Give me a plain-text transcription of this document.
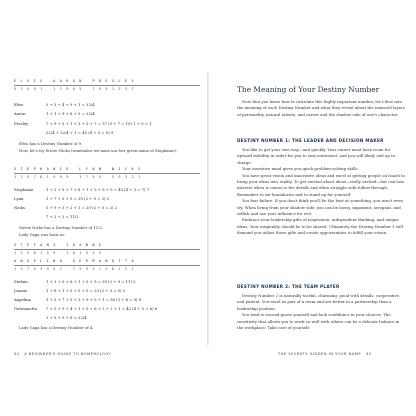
E L V I S   A A R O N   P R E S L E Y
5 3 4 9 1   1 1 9 6 5   7 9 5 1 3 5 7
Elvis	5 + 3 + 4 + 9 + 1 = 22/4
Aaron	1 + 1 + 9 + 6 + 5 = 22/4
Presley	7 + 9 + 5 + 1 + 3 + 5 + 7 = 37 (3 + 7 = 10) 1 + 0 = 1
22/4 + 22/4 + 1 = 45 (4 + 5 = 9) 9

Elvis has a Destiny Number of 9.

Now, let's try Stevie Nicks (remember we must use her given name of Stephanie):

S T E P H A N I E   L Y N N   N I C K S
1 2 5 7 8 1 5 9 5   3 7 5 5   5 9 3 2 1
Stephanie	1 + 2 + 5 + 7 + 8 + 1 + 5 + 9 + 5 = 43 (4 + 3 = 7) 7
Lynn	3 + 7 + 5 + 5 = 20 (2 + 0 = 2) 2
Nicks	5 + 9 + 3 + 2 + 1 = 20 (2 + 0 = 2) 2
7 + 2 + 2 = 11/2

Stevie Nicks has a Destiny Number of 11/2.

Lady Gaga was born as:

S T E F A N I   J O A N N E
1 2 5 6 1 5 9   1 6 1 5 5 5
A N G E L I N A   G E R M A N O T T A
1 5 7 5 3 9 5 1   7 5 9 4 1 5 6 2 2 1
Stefani	1 + 2 + 5 + 6 + 1 + 5 + 9 = 29 (2 + 9 = 11) 2
Joanne	1 + 6 + 1 + 5 + 5 + 5 = 23 (2 + 3 = 5) 5
Angelina	1 + 5 + 7 + 5 + 3 + 9 + 5 + 1 = 36 (3 + 6 = 9) 9
Germanotta 7 + 5 + 9 + 4 + 1 + 5 + 6 + 2 + 2 + 1 = 42 (4 + 2 = 6) 6
2 + 5 + 9 + 6 = 22/4

Lady Gaga has a Destiny Number of 4.

The Meaning of Your Destiny Number

Now that you know how to calculate this highly important number, let's dive into the meaning of each Destiny Number and what they reveal about the nuanced layers of personality, natural talents, and career and the shadow side of one's character.

DESTINY NUMBER 1: THE LEADER AND DECISION MAKER

You like to get your own way—and quickly. Your career must have room for upward mobility in order for you to stay motivated, and you will likely end up in charge.

Your inventive mind gives you quick problem-solving skills.

You have great vision and innovative ideas and excel at getting people on board to bring your ideas into reality. To get excited about ideas—really excited—but can lose interest when it comes to the details and often struggle with follow-through. Remember to set boundaries and to stand up for yourself.

You fear failure. If you don't think you'll be the best at something, you won't even try. When living from your shadow side, you can be bossy, impatient, arrogant, and selfish and use your influence for evil.

Embrace your leadership gifts of inspiration, independent thinking, and unique ideas. Your originality should be to be shared. Ultimately the Destiny Number 1 will demand you utilize those gifts and create opportunities to fulfill your vision.

DESTINY NUMBER 2: THE TEAM PLAYER

Destiny Number 2 is naturally tactful, charming, good with details, cooperative, and patient. You excel as part of a team and are better in a partnership than a leadership position.

You tend to second-guess yourself and lack confidence in your choices. The sensitivity that allows you to work so well with others can be a delicate balance in the workplace. Take care of yourself.

42 A BEGINNER'S GUIDE TO NUMEROLOGY	THE SECRETS HIDDEN IN YOUR NAME 43
